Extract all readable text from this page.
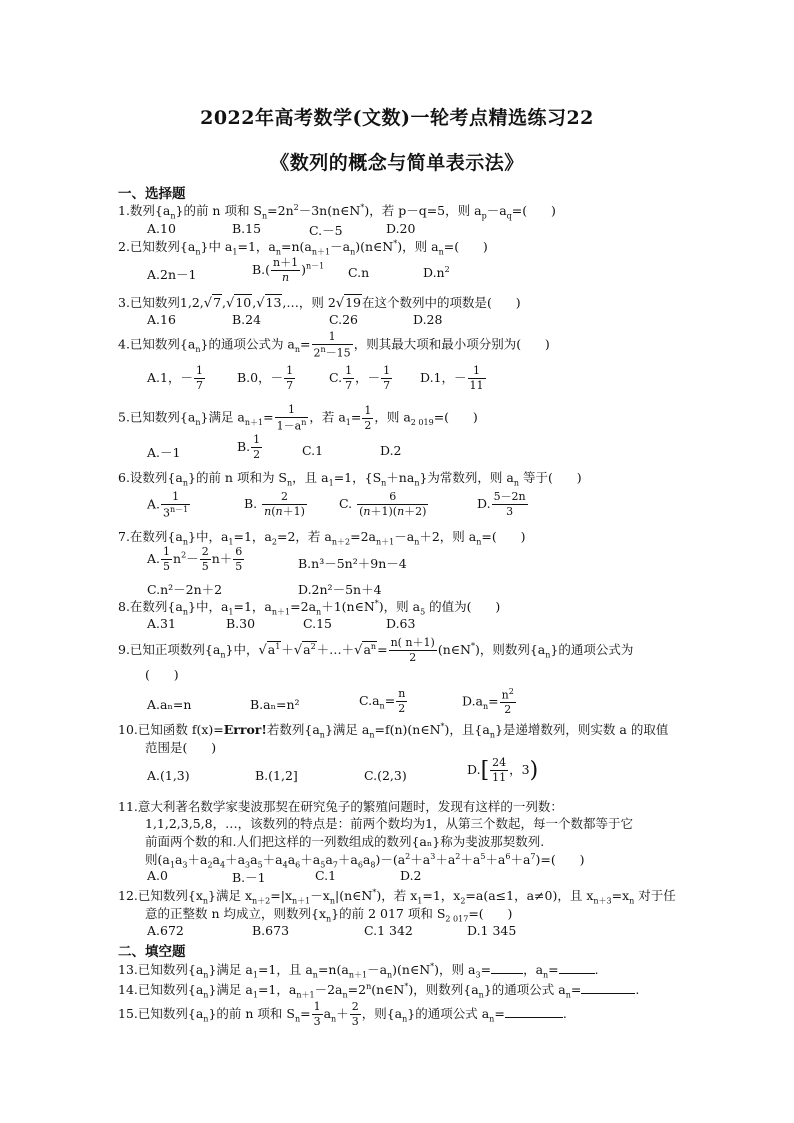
2022年高考数学(文数)一轮考点精选练习22
《数列的概念与简单表示法》
一、选择题
1.数列$\{a_n\}$的前 n 项和 $S_n=2n^2-3n(n\in N^*)$，若 p－q=5，则 $a_p-a_q=$(      )
A.10	B.15	C.－5	D.20
2.已知数列$\{a_n\}$中 $a_1=1$，$a_n=n(a_{n+1}-a_n)(n\in N^*)$，则 $a_n=$(      )
A.2n－1	$B.( \frac{n+1}{n} )^{n-1}$ C.n	$D.n^2$
3.已知数列1,2,√7,√10,√13,…，则 2√19在这个数列中的项数是(      )
A.16	B.24	C.26	D.28
4.已知数列$\{a_n\}$的通项公式为 $a_n= \frac{1}{2^n-15}$ ，则其最大项和最小项分别为(      )
A.1，－ $\frac{1}{7}$	B.0，－ $\frac{1}{7}$	C. $\frac{1}{7}$ ，－ $\frac{1}{7} D.1$，－ $\frac{1}{11}$
5.已知数列$\{a_n\}$满足 $a_{n+1}= \frac{1}{1-a^n}$ ，若 $a_1= \frac{1}{2}$ ，则 $a_{2 019}=$(      )
A.－1	B. $\frac{1}{2}$	C.1	D.2
6.设数列$\{a_n\}$的前 n 项和为 $S_n$，且 $a_1=1$，$\{S_n+na_n\}$为常数列，则 $a_n$ 等于(      )
A. $\frac{1}{3^{n-1}}$	B. $\frac{2}{n(n+1)}$	C. $\frac{6}{(n+1)(n+2)}$	D. $\frac{5-2n}{3}$
7.在数列$\{a_n\}$中，$a_1=1$，$a_2=2$，若 $a_{n+2}=2a_{n+1}-a_n+2$，则 $a_n=$(      )
A. $\frac{1}{5} n^2- \frac{2}{5} n+ \frac{6}{5}$	B.n³－5n²＋9n－4
C.n²－2n＋2	D.2n²－5n＋4
8.在数列$\{a_n\}$中，$a_1=1$，$a_{n+1}=2a_n+1(n\in N^*)$，则 $a_5$ 的值为(      )
A.31	B.30	C.15	D.63
9.已知正项数列$\{a_n\}$中，$√a^1+√a^2+\dots+√a^n= \frac{n( n+1)}{2}$ (n∈N*)，则数列$\{a_n\}$的通项公式为
(      )
A.aₙ=n	B.aₙ=n²	$C.a_n= \frac{n}{2}$	$D.a_n= \frac{n^2}{2}$
10.已知函数 f(x)=Error!若数列$\{a_n\}$满足 $a_n=f(n)(n\in N^*)$，且$\{a_n\}$是递增数列，则实数 a 的取值
范围是(      )
A.(1,3)	B.(1,2]	C.(2,3)	$D.[ \frac{24}{11}$ ，3)
11.意大利著名数学家斐波那契在研究兔子的繁殖问题时，发现有这样的一列数：
1,1,2,3,5,8，…，该数列的特点是：前两个数均为1，从第三个数起，每一个数都等于它
前面两个数的和.人们把这样的一列数组成的数列{aₙ}称为斐波那契数列.
则$(a_1a_3+a_2a_4+a_3a_5+a_4a_6+a_5a_7+a_6a_8)-(a^2+a^3+a^2+a^5+a^6+a^7)=$(      )
A.0	B.－1	C.1	D.2
12.已知数列$\{x_n\}$满足 $x_{n+2}=|x_{n+1}-x_n|(n\in N^*)$，若 $x_1=1$，$x_2=a(a\le 1$，a≠0)，且 $x_{n+3}=x_n$ 对于任
意的正整数 n 均成立，则数列$\{x_n\}$的前 2 017 项和 $S_{2 017}=$(      )
A.672	B.673	C.1 342	D.1 345
二、填空题
13.已知数列$\{a_n\}$满足 $a_1=1$，且 $a_n=n(a_{n+1}-a_n)(n\in N^*)$，则 $a_3=$	，$a_n=$	.
14.已知数列$\{a_n\}$满足 $a_1=1$，$a_{n+1}-2a_n=2^n(n\in N^*)$，则数列$\{a_n\}$的通项公式 $a_n=$	.
15.已知数列$\{a_n\}$的前 n 项和 $S_n= \frac{1}{3} a_n+ \frac{2}{3}$ ，则$\{a_n\}$的通项公式 $a_n=$	.
